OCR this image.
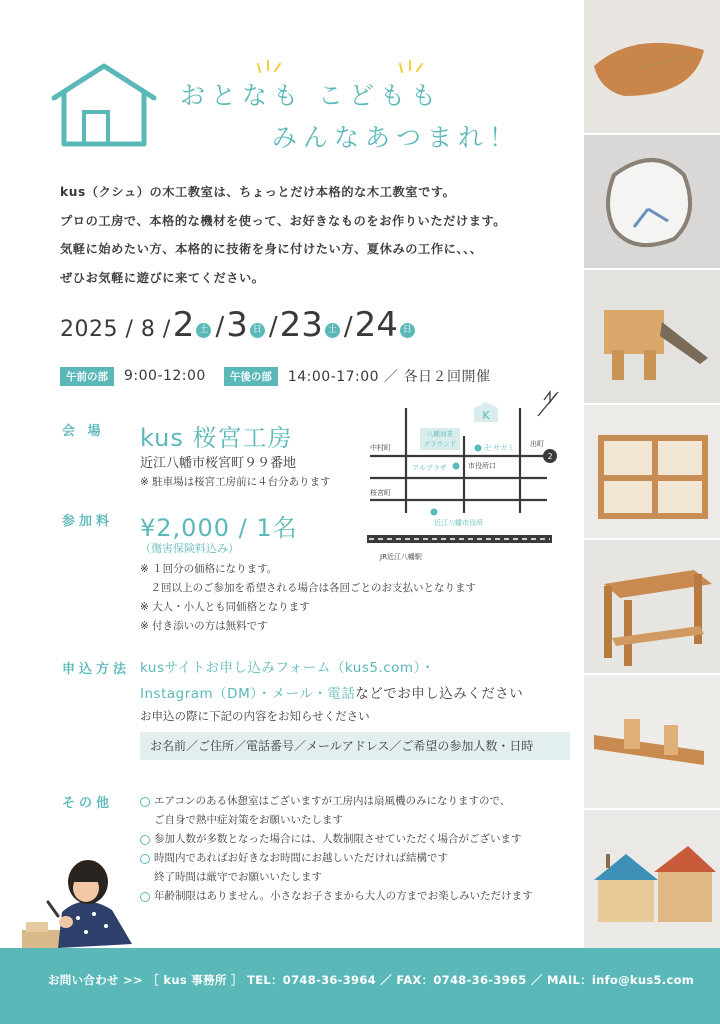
おとなも こどもも
みんなあつまれ！
kus（クシュ）の木工教室は、ちょっとだけ本格的な木工教室です。
プロの工房で、本格的な機材を使って、お好きなものをお作りいただけます。
気軽に始めたい方、本格的に技術を身に付けたい方、夏休みの工作に、、、
ぜひお気軽に遊びに来てください。
2025 / 8 / 2 土 / 3 日 / 23 土 / 24 日
午前の部	9:00-12:00	午後の部	14:00-17:00 ／ 各日２回開催
会 場 kus 桜宮工房
近江八幡市桜宮町９９番地
※ 駐車場は桜宮工房前に４台分あります
八幡商業
グラウンド
K
卍 サガミ
アルプラザ	市役所口
中村町	出町
2
桜宮町
近江八幡市役所
JR近江八幡駅
参加料 ¥2,000 / 1名
（傷害保険料込み）
※ １回分の価格になります。
　２回以上のご参加を希望される場合は各回ごとのお支払いとなります
※ 大人・小人とも同価格となります
※ 付き添いの方は無料です
申込方法 kusサイトお申し込みフォーム（kus5.com）・
Instagram（DM）・メール・電話などでお申し込みください
お申込の際に下記の内容をお知らせください
お名前／ご住所／電話番号／メールアドレス／ご希望の参加人数・日時
その他	エアコンのある休憩室はございますが工房内は扇風機のみになりますので、
ご自身で熱中症対策をお願いいたします
参加人数が多数となった場合には、人数制限させていただく場合がございます
時間内であればお好きなお時間にお越しいただければ結構です
終了時間は厳守でお願いいたします
年齢制限はありません。小さなお子さまから大人の方までお楽しみいただけます
お問い合わせ >> ［ kus 事務所 ］ TEL：0748-36-3964 ／ FAX：0748-36-3965 ／ MAIL：info@kus5.com
